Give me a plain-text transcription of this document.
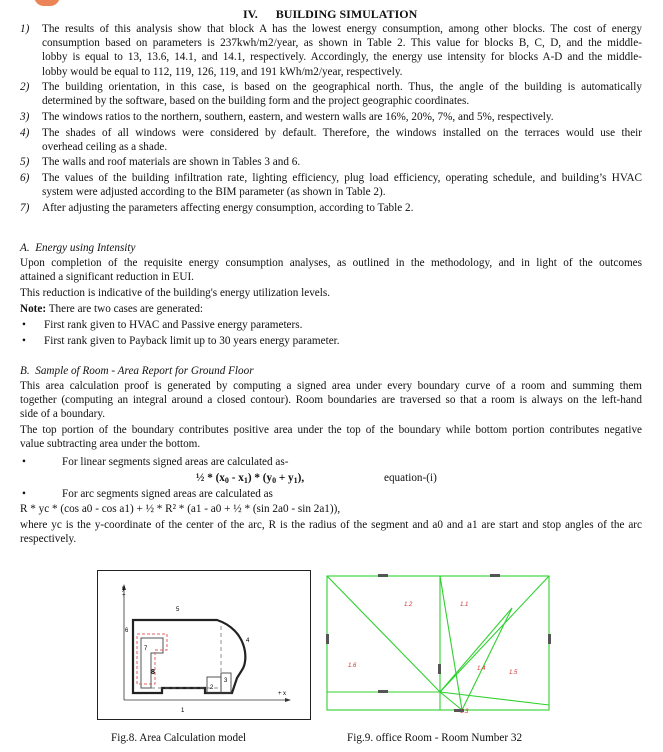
IV.      BUILDING SIMULATION
1) The results of this analysis show that block A has the lowest energy consumption, among other blocks. The cost of energy
consumption based on parameters is 237kwh/m2/year, as shown in Table 2. This value for blocks B, C, D, and the middle-
lobby is equal to 13, 13.6, 14.1, and 14.1, respectively. Accordingly, the energy use intensity for blocks A-D and the middle-
lobby would be equal to 112, 119, 126, 119, and 191 kWh/m2/year, respectively.
2) The building orientation, in this case, is based on the geographical north. Thus, the angle of the building is automatically
determined by the software, based on the building form and the project geographic coordinates.
3) The windows ratios to the northern, southern, eastern, and western walls are 16%, 20%, 7%, and 5%, respectively.
4) The shades of all windows were considered by default. Therefore, the windows installed on the terraces would use their
overhead ceiling as a shade.
5) The walls and roof materials are shown in Tables 3 and 6.
6) The values of the building infiltration rate, lighting efficiency, plug load efficiency, operating schedule, and building’s HVAC
system were adjusted according to the BIM parameter (as shown in Table 2).
7) After adjusting the parameters affecting energy consumption, according to Table 2.
A.  Energy using Intensity
Upon completion of the requisite energy consumption analyses, as outlined in the methodology, and in light of the outcomes
attained a significant reduction in EUI.
This reduction is indicative of the building's energy utilization levels.
Note: There are two cases are generated:
• First rank given to HVAC and Passive energy parameters.
• First rank given to Payback limit up to 30 years energy parameter.
B.  Sample of Room - Area Report for Ground Floor
This area calculation proof is generated by computing a signed area under every boundary curve of a room and summing them
together (computing an integral around a closed contour). Room boundaries are traversed so that a room is always on the left-hand
side of a boundary.
The top portion of the boundary contributes positive area under the top of the boundary while bottom portion contributes negative
value subtracting area under the bottom.
•	For linear segments signed areas are calculated as-
½ * $(x_0 - x_1) * (y_0 + y_1)$,	equation-(i)
•	For arc segments signed areas are calculated as
R * yc * (cos a0 - cos a1) + ½ * R² * (a1 - a0 + ½ * (sin 2a0 - sin 2a1)),
where yc is the y-coordinate of the center of the arc, R is the radius of the segment and a0 and a1 are start and stop angles of the arc
respectively.
y
+
x
+
1
2
3
4
5
6
7
8
Fig.8. Area Calculation model
1.2	1.1
1.6	1.4
1.5
1.3
Fig.9. office Room - Room Number 32
